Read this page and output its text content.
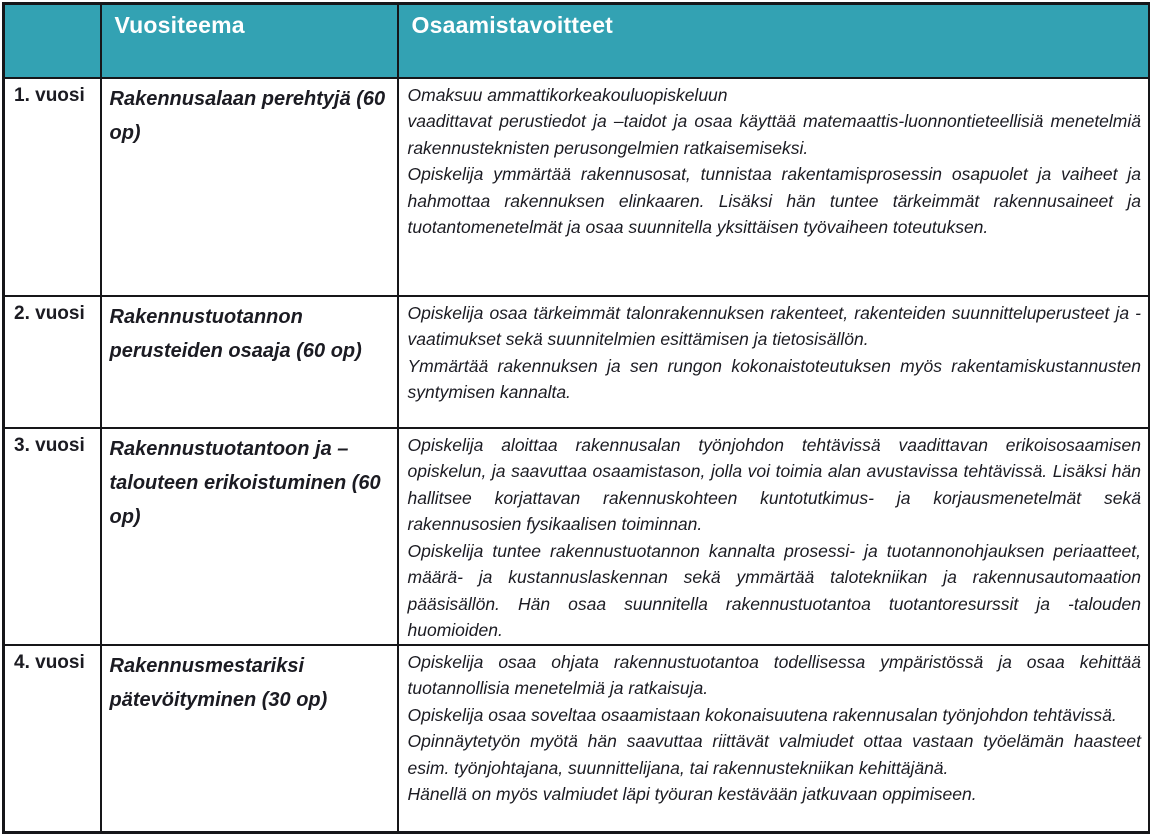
	Vuositeema	Osaamistavoitteet
1. vuosi	Rakennusalaan perehtyjä (60 op)	Omaksuu ammattikorkeakouluopiskeluun

vaadittavat perustiedot ja –taidot ja osaa käyttää matemaattis-luonnontieteellisiä menetelmiä rakennusteknisten perusongelmien ratkaisemiseksi.

Opiskelija ymmärtää rakennusosat, tunnistaa rakentamisprosessin osapuolet ja vaiheet ja hahmottaa rakennuksen elinkaaren. Lisäksi hän tuntee tärkeimmät rakennusaineet ja tuotantomenetelmät ja osaa suunnitella yksittäisen työvaiheen toteutuksen.

2. vuosi	Rakennustuotannon perusteiden osaaja (60 op)	Opiskelija osaa tärkeimmät talonrakennuksen rakenteet, rakenteiden suunnitteluperusteet ja -vaatimukset sekä suunnitelmien esittämisen ja tietosisällön.

Ymmärtää rakennuksen ja sen rungon kokonaistoteutuksen myös rakentamiskustannusten syntymisen kannalta.

3. vuosi	Rakennustuotantoon ja –talouteen erikoistuminen (60 op)	Opiskelija aloittaa rakennusalan työnjohdon tehtävissä vaadittavan erikoisosaamisen opiskelun, ja saavuttaa osaamistason, jolla voi toimia alan avustavissa tehtävissä. Lisäksi hän hallitsee korjattavan rakennuskohteen kuntotutkimus- ja korjausmenetelmät sekä rakennusosien fysikaalisen toiminnan.

Opiskelija tuntee rakennustuotannon kannalta prosessi- ja tuotannonohjauksen periaatteet, määrä- ja kustannuslaskennan sekä ymmärtää talotekniikan ja rakennusautomaation pääsisällön. Hän osaa suunnitella rakennustuotantoa tuotantoresurssit ja -talouden huomioiden.

4. vuosi	Rakennusmestariksi pätevöityminen (30 op)	Opiskelija osaa ohjata rakennustuotantoa todellisessa ympäristössä ja osaa kehittää tuotannollisia menetelmiä ja ratkaisuja.

Opiskelija osaa soveltaa osaamistaan kokonaisuutena rakennusalan työnjohdon tehtävissä.

Opinnäytetyön myötä hän saavuttaa riittävät valmiudet ottaa vastaan työelämän haasteet esim. työnjohtajana, suunnittelijana, tai rakennustekniikan kehittäjänä.

Hänellä on myös valmiudet läpi työuran kestävään jatkuvaan oppimiseen.
